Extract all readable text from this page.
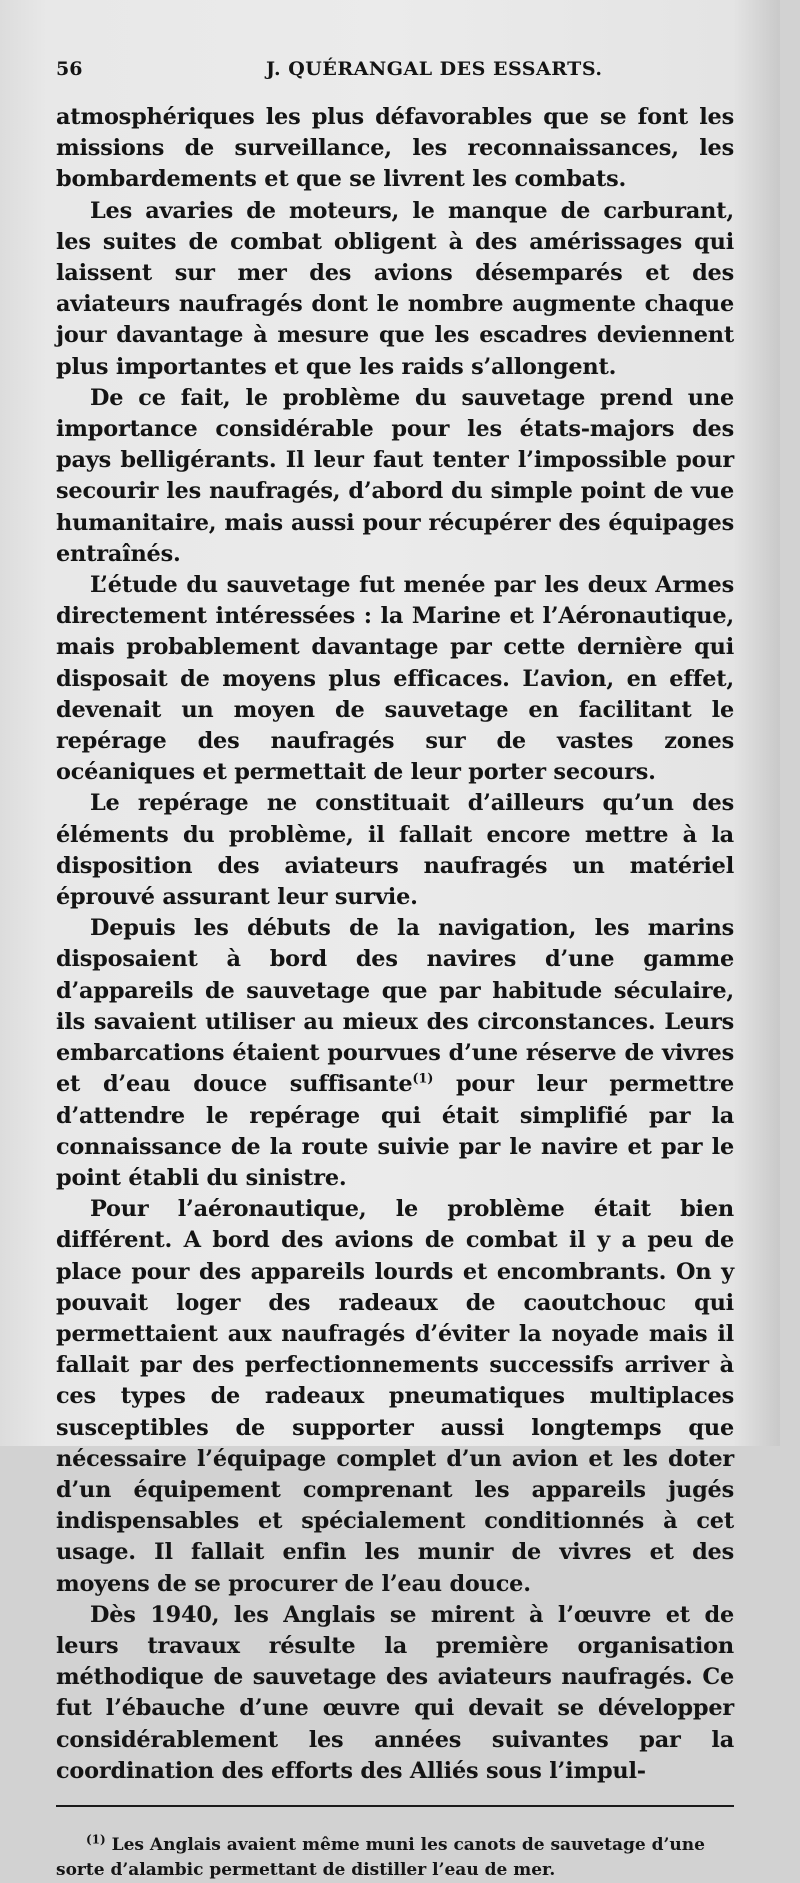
56	J. QUÉRANGAL DES ESSARTS.

atmosphériques les plus défavorables que se font les missions de surveillance, les reconnaissances, les bombardements et que se livrent les combats.

Les avaries de moteurs, le manque de carburant, les suites de combat obligent à des amérissages qui laissent sur mer des avions désemparés et des aviateurs naufragés dont le nombre augmente chaque jour davantage à mesure que les escadres deviennent plus importantes et que les raids s’allongent.

De ce fait, le problème du sauvetage prend une importance considérable pour les états-majors des pays belligérants. Il leur faut tenter l’impossible pour secourir les naufragés, d’abord du simple point de vue humanitaire, mais aussi pour récupérer des équipages entraînés.

L’étude du sauvetage fut menée par les deux Armes directement intéressées : la Marine et l’Aéronautique, mais probablement davantage par cette dernière qui disposait de moyens plus efficaces. L’avion, en effet, devenait un moyen de sauvetage en facilitant le repérage des naufragés sur de vastes zones océaniques et permettait de leur porter secours.

Le repérage ne constituait d’ailleurs qu’un des éléments du problème, il fallait encore mettre à la disposition des aviateurs naufragés un matériel éprouvé assurant leur survie.

Depuis les débuts de la navigation, les marins disposaient à bord des navires d’une gamme d’appareils de sauvetage que par habitude séculaire, ils savaient utiliser au mieux des circonstances. Leurs embarcations étaient pourvues d’une réserve de vivres et d’eau douce suffisante$^{(1)}$ pour leur permettre d’attendre le repérage qui était simplifié par la connaissance de la route suivie par le navire et par le point établi du sinistre.

Pour l’aéronautique, le problème était bien différent. A bord des avions de combat il y a peu de place pour des appareils lourds et encombrants. On y pouvait loger des radeaux de caoutchouc qui permettaient aux naufragés d’éviter la noyade mais il fallait par des perfectionnements successifs arriver à ces types de radeaux pneumatiques multiplaces susceptibles de supporter aussi longtemps que nécessaire l’équipage complet d’un avion et les doter d’un équipement comprenant les appareils jugés indispensables et spécialement conditionnés à cet usage. Il fallait enfin les munir de vivres et des moyens de se procurer de l’eau douce.

Dès 1940, les Anglais se mirent à l’œuvre et de leurs travaux résulte la première organisation méthodique de sauvetage des aviateurs naufragés. Ce fut l’ébauche d’une œuvre qui devait se développer considérablement les années suivantes par la coordination des efforts des Alliés sous l’impul-

$^{(1)}$ Les Anglais avaient même muni les canots de sauvetage d’une sorte d’alambic permettant de distiller l’eau de mer.
